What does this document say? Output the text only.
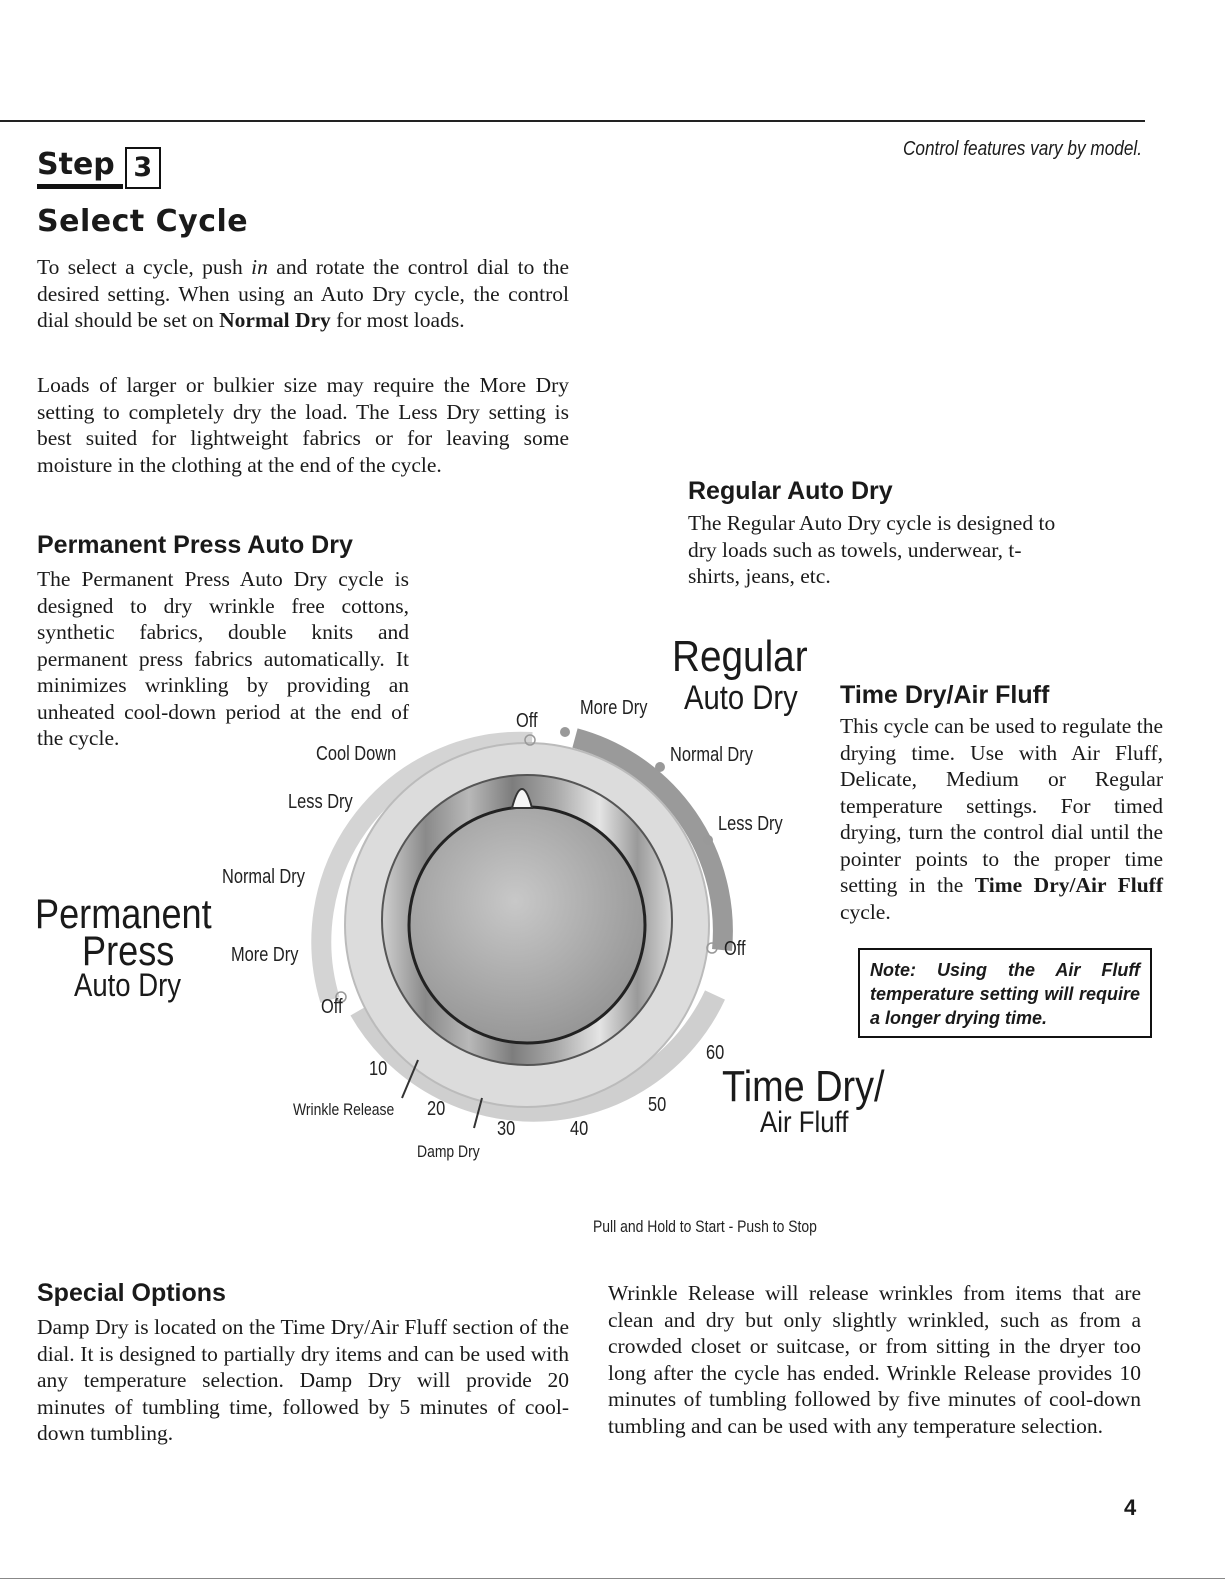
Step 3
Select Cycle
Control features vary by model.
To select a cycle, push in and rotate the control dial to the desired setting. When using an Auto Dry cycle, the control dial should be set on Normal Dry for most loads.
Loads of larger or bulkier size may require the More Dry setting to completely dry the load. The Less Dry setting is best suited for lightweight fabrics or for leaving some moisture in the clothing at the end of the cycle.
Permanent Press Auto Dry
The Permanent Press Auto Dry cycle is designed to dry wrinkle free cottons, synthetic fabrics, double knits and permanent press fabrics automatically. It minimizes wrinkling by providing an unheated cool-down period at the end of the cycle.
Regular Auto Dry
The Regular Auto Dry cycle is designed to dry loads such as towels, underwear, t-shirts, jeans, etc.
Time Dry/Air Fluff
This cycle can be used to regulate the drying time. Use with Air Fluff, Delicate, Medium or Regular temperature settings. For timed drying, turn the control dial until the pointer points to the proper time setting in the Time Dry/Air Fluff cycle.
Note: Using the Air Fluff temperature setting will require a longer drying time.
Regular
Auto Dry
Permanent
Press
Auto Dry
Time Dry/
Air Fluff
Off
More Dry
Normal Dry
Less Dry
Off
Cool Down
Less Dry
Normal Dry
More Dry
Off
10
Wrinkle Release 20
30
Damp Dry
40
50
60
Pull and Hold to Start - Push to Stop
Special Options
Damp Dry is located on the Time Dry/Air Fluff section of the dial. It is designed to partially dry items and can be used with any temperature selection. Damp Dry will provide 20 minutes of tumbling time, followed by 5 minutes of cool-down tumbling.
Wrinkle Release will release wrinkles from items that are clean and dry but only slightly wrinkled, such as from a crowded closet or suitcase, or from sitting in the dryer too long after the cycle has ended. Wrinkle Release provides 10 minutes of tumbling followed by five minutes of cool-down tumbling and can be used with any temperature selection.
4
